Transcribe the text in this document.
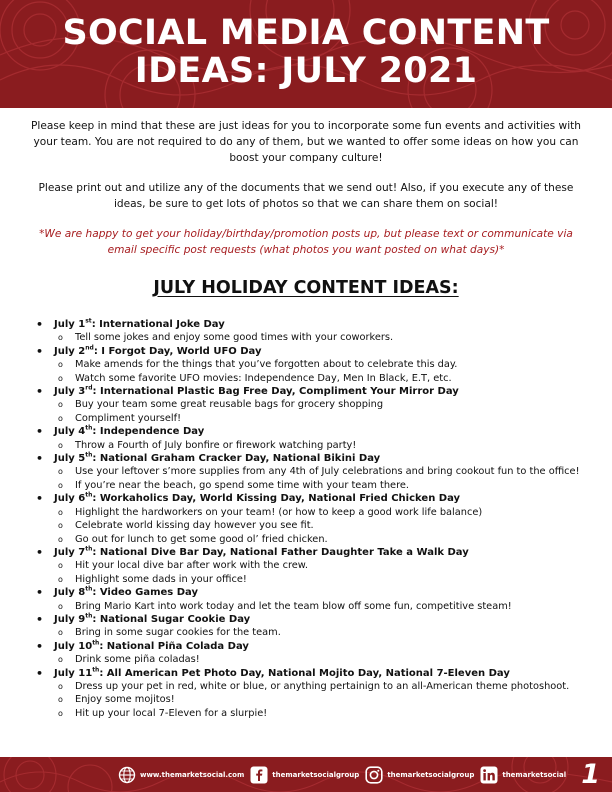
SOCIAL MEDIA CONTENT
IDEAS: JULY 2021

Please keep in mind that these are just ideas for you to incorporate some fun events and activities with your team. You are not required to do any of them, but we wanted to offer some ideas on how you can boost your company culture!

Please print out and utilize any of the documents that we send out! Also, if you execute any of these ideas, be sure to get lots of photos so that we can share them on social!

*We are happy to get your holiday/birthday/promotion posts up, but please text or communicate via email specific post requests (what photos you want posted on what days)*

JULY HOLIDAY CONTENT IDEAS:
•	July 1st: International Joke Day
o	Tell some jokes and enjoy some good times with your coworkers.
•	July 2nd: I Forgot Day, World UFO Day
o	Make amends for the things that you’ve forgotten about to celebrate this day.
o	Watch some favorite UFO movies: Independence Day, Men In Black, E.T, etc.
•	July 3rd: International Plastic Bag Free Day, Compliment Your Mirror Day
o	Buy your team some great reusable bags for grocery shopping
o	Compliment yourself!
•	July 4th: Independence Day
o	Throw a Fourth of July bonfire or firework watching party!
•	July 5th: National Graham Cracker Day, National Bikini Day
o	Use your leftover s’more supplies from any 4th of July celebrations and bring cookout fun to the office!
o	If you’re near the beach, go spend some time with your team there.
•	July 6th: Workaholics Day, World Kissing Day, National Fried Chicken Day
o	Highlight the hardworkers on your team! (or how to keep a good work life balance)
o	Celebrate world kissing day however you see fit.
o	Go out for lunch to get some good ol’ fried chicken.
•	July 7th: National Dive Bar Day, National Father Daughter Take a Walk Day
o	Hit your local dive bar after work with the crew.
o	Highlight some dads in your office!
•	July 8th: Video Games Day
o	Bring Mario Kart into work today and let the team blow off some fun, competitive steam!
•	July 9th: National Sugar Cookie Day
o	Bring in some sugar cookies for the team.
•	July 10th: National Piña Colada Day
o	Drink some piña coladas!
•	July 11th: All American Pet Photo Day, National Mojito Day, National 7-Eleven Day
o	Dress up your pet in red, white or blue, or anything pertainign to an all-American theme photoshoot.
o	Enjoy some mojitos!
o	Hit up your local 7-Eleven for a slurpie!
www.themarketsocial.com	themarketsocialgroup	themarketsocialgroup	themarketsocial 1
